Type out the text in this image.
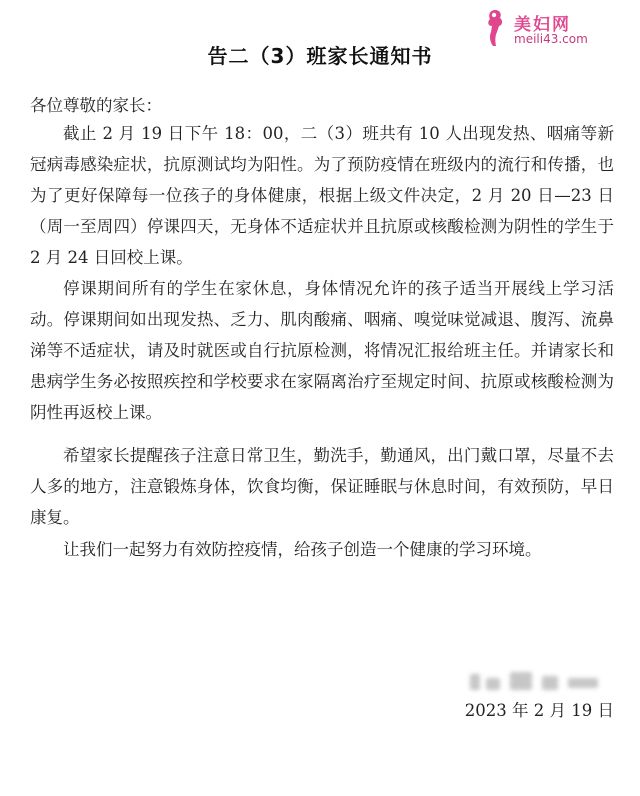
美妇网
meili43.com
告二（3）班家长通知书
各位尊敬的家长：

截止 2 月 19 日下午 18：00，二（3）班共有 10 人出现发热、咽痛等新冠病毒感染症状，抗原测试均为阳性。为了预防疫情在班级内的流行和传播，也为了更好保障每一位孩子的身体健康，根据上级文件决定，2 月 20 日—23 日（周一至周四）停课四天，无身体不适症状并且抗原或核酸检测为阴性的学生于 2 月 24 日回校上课。

停课期间所有的学生在家休息，身体情况允许的孩子适当开展线上学习活动。停课期间如出现发热、乏力、肌肉酸痛、咽痛、嗅觉味觉减退、腹泻、流鼻涕等不适症状，请及时就医或自行抗原检测，将情况汇报给班主任。并请家长和患病学生务必按照疾控和学校要求在家隔离治疗至规定时间、抗原或核酸检测为阴性再返校上课。

希望家长提醒孩子注意日常卫生，勤洗手，勤通风，出门戴口罩，尽量不去人多的地方，注意锻炼身体，饮食均衡，保证睡眠与休息时间，有效预防，早日康复。

让我们一起努力有效防控疫情，给孩子创造一个健康的学习环境。

2023 年 2 月 19 日
